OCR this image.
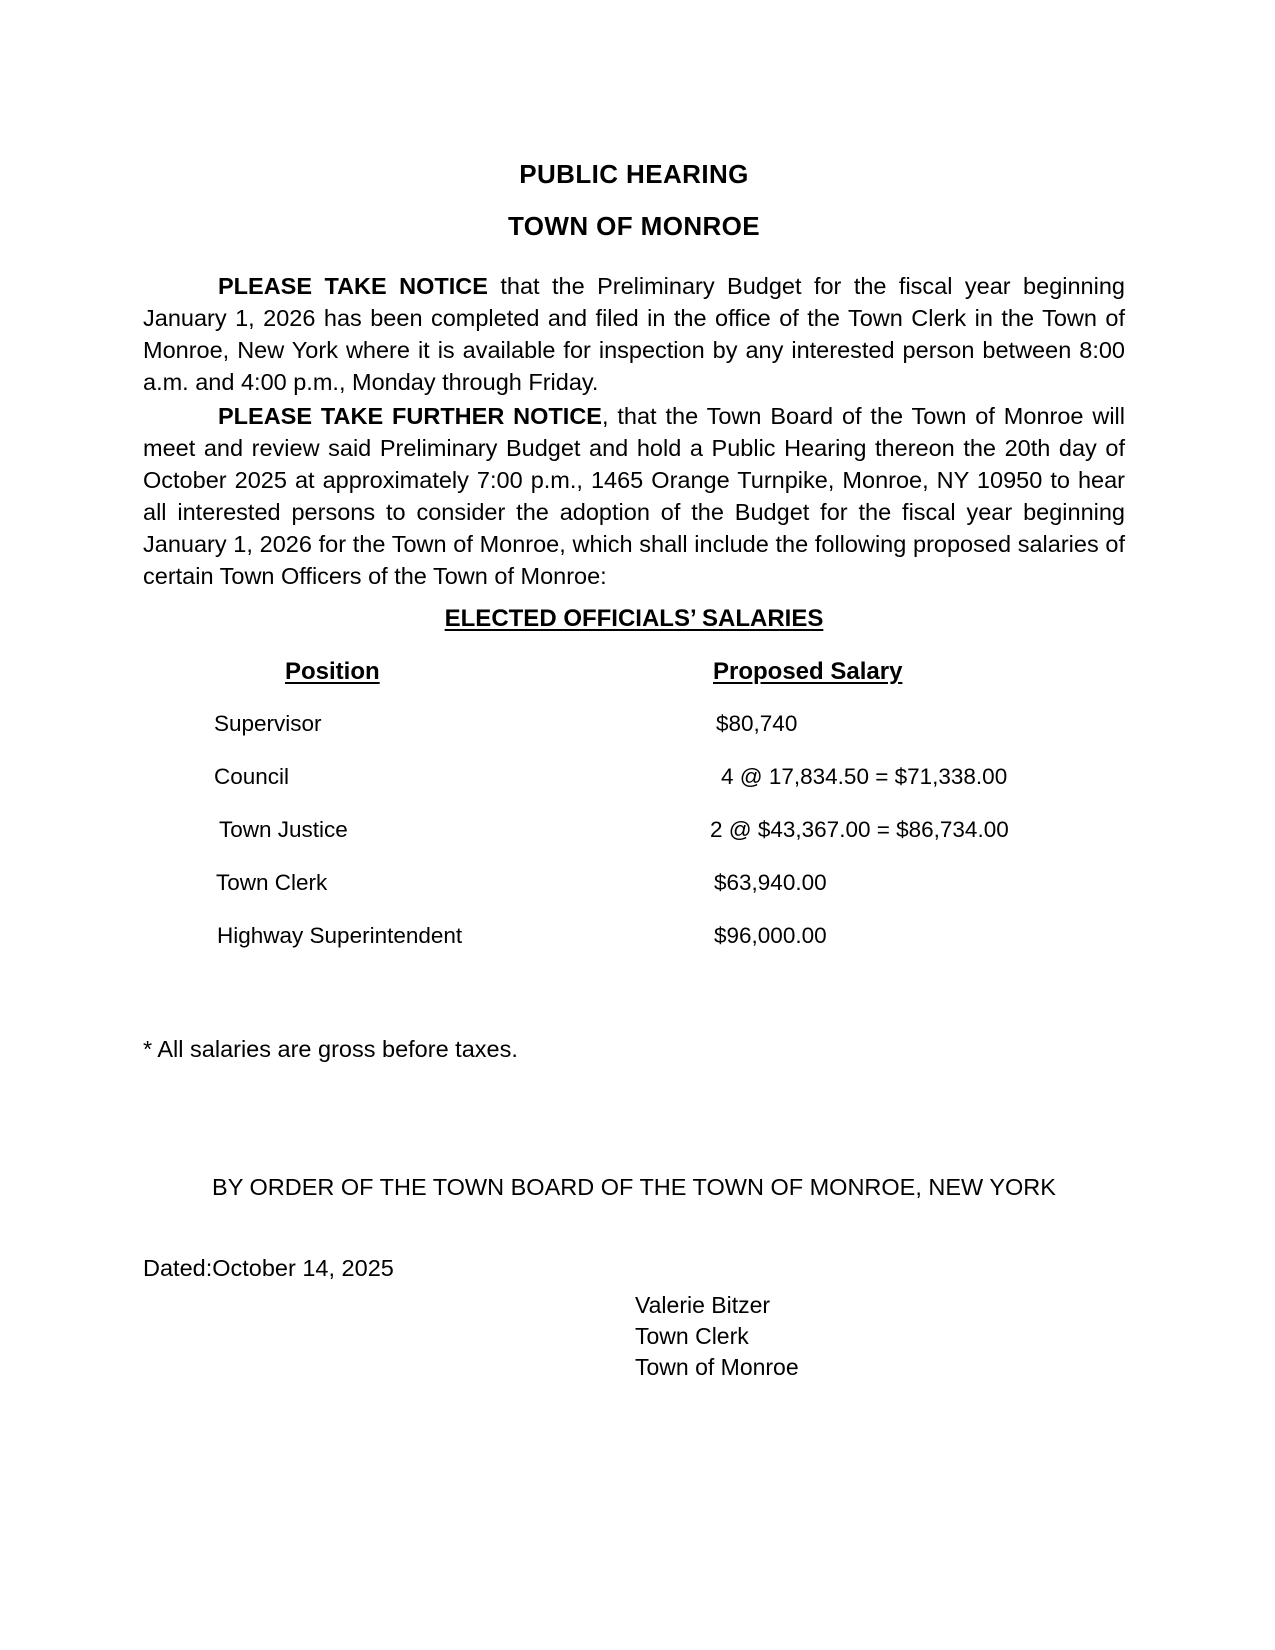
PUBLIC HEARING
TOWN OF MONROE

PLEASE TAKE NOTICE that the Preliminary Budget for the fiscal year beginning January 1, 2026 has been completed and filed in the office of the Town Clerk in the Town of Monroe, New York where it is available for inspection by any interested person between 8:00 a.m. and 4:00 p.m., Monday through Friday.

PLEASE TAKE FURTHER NOTICE, that the Town Board of the Town of Monroe will meet and review said Preliminary Budget and hold a Public Hearing thereon the 20th day of October 2025 at approximately 7:00 p.m., 1465 Orange Turnpike, Monroe, NY 10950 to hear all interested persons to consider the adoption of the Budget for the fiscal year beginning January 1, 2026 for the Town of Monroe, which shall include the following proposed salaries of certain Town Officers of the Town of Monroe:

ELECTED OFFICIALS’ SALARIES
Position	Proposed Salary
Supervisor	$80,740
Council	4 @ 17,834.50 = $71,338.00
Town Justice	2 @ $43,367.00 = $86,734.00
Town Clerk	$63,940.00
Highway Superintendent	$96,000.00
* All salaries are gross before taxes.
BY ORDER OF THE TOWN BOARD OF THE TOWN OF MONROE, NEW YORK
Dated:October 14, 2025
Valerie Bitzer
Town Clerk
Town of Monroe
